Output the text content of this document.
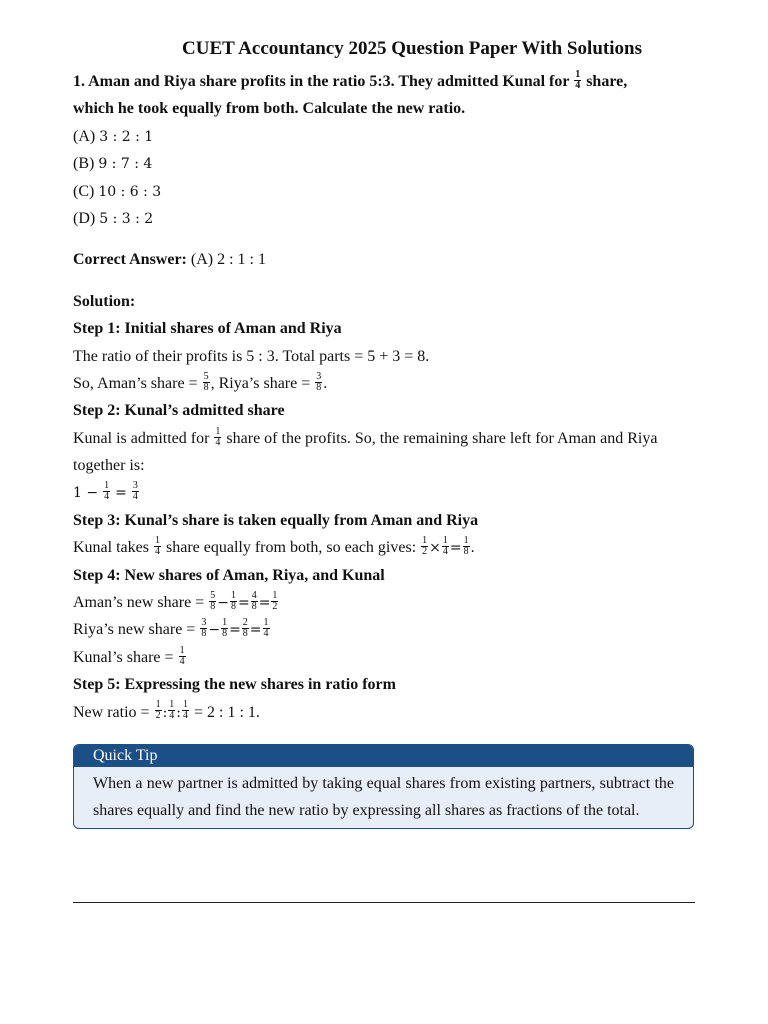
CUET Accountancy 2025 Question Paper With Solutions
1. Aman and Riya share profits in the ratio 5:3. They admitted Kunal for $\frac{1}{4}$ share,
which he took equally from both. Calculate the new ratio.
(A) 3 : 2 : 1
(B) 9 : 7 : 4
(C) 10 : 6 : 3
(D) 5 : 3 : 2
Correct Answer: (A) 2 : 1 : 1
Solution:
Step 1: Initial shares of Aman and Riya
The ratio of their profits is 5 : 3. Total parts = 5 + 3 = 8.
So, Aman’s share = $\frac{5}{8}$ , Riya’s share = $\frac{3}{8}$ .
Step 2: Kunal’s admitted share
Kunal is admitted for $\frac{1}{4}$ share of the profits. So, the remaining share left for Aman and Riya
together is:
$1 - \frac{1}{4} = \frac{3}{4}$
Step 3: Kunal’s share is taken equally from Aman and Riya
Kunal takes $\frac{1}{4}$ share equally from both, so each gives: $\frac{1}{2} \times \frac{1}{4} = \frac{1}{8}$ .
Step 4: New shares of Aman, Riya, and Kunal
Aman’s new share = $\frac{5}{8} - \frac{1}{8} = \frac{4}{8} = \frac{1}{2}$
Riya’s new share = $\frac{3}{8} - \frac{1}{8} = \frac{2}{8} = \frac{1}{4}$
Kunal’s share = $\frac{1}{4}$
Step 5: Expressing the new shares in ratio form
New ratio = $\frac{1}{2}$ : $\frac{1}{4}$ : $\frac{1}{4} = 2$ : 1 : 1.
Quick Tip
When a new partner is admitted by taking equal shares from existing partners, subtract the shares equally and find the new ratio by expressing all shares as fractions of the total.
